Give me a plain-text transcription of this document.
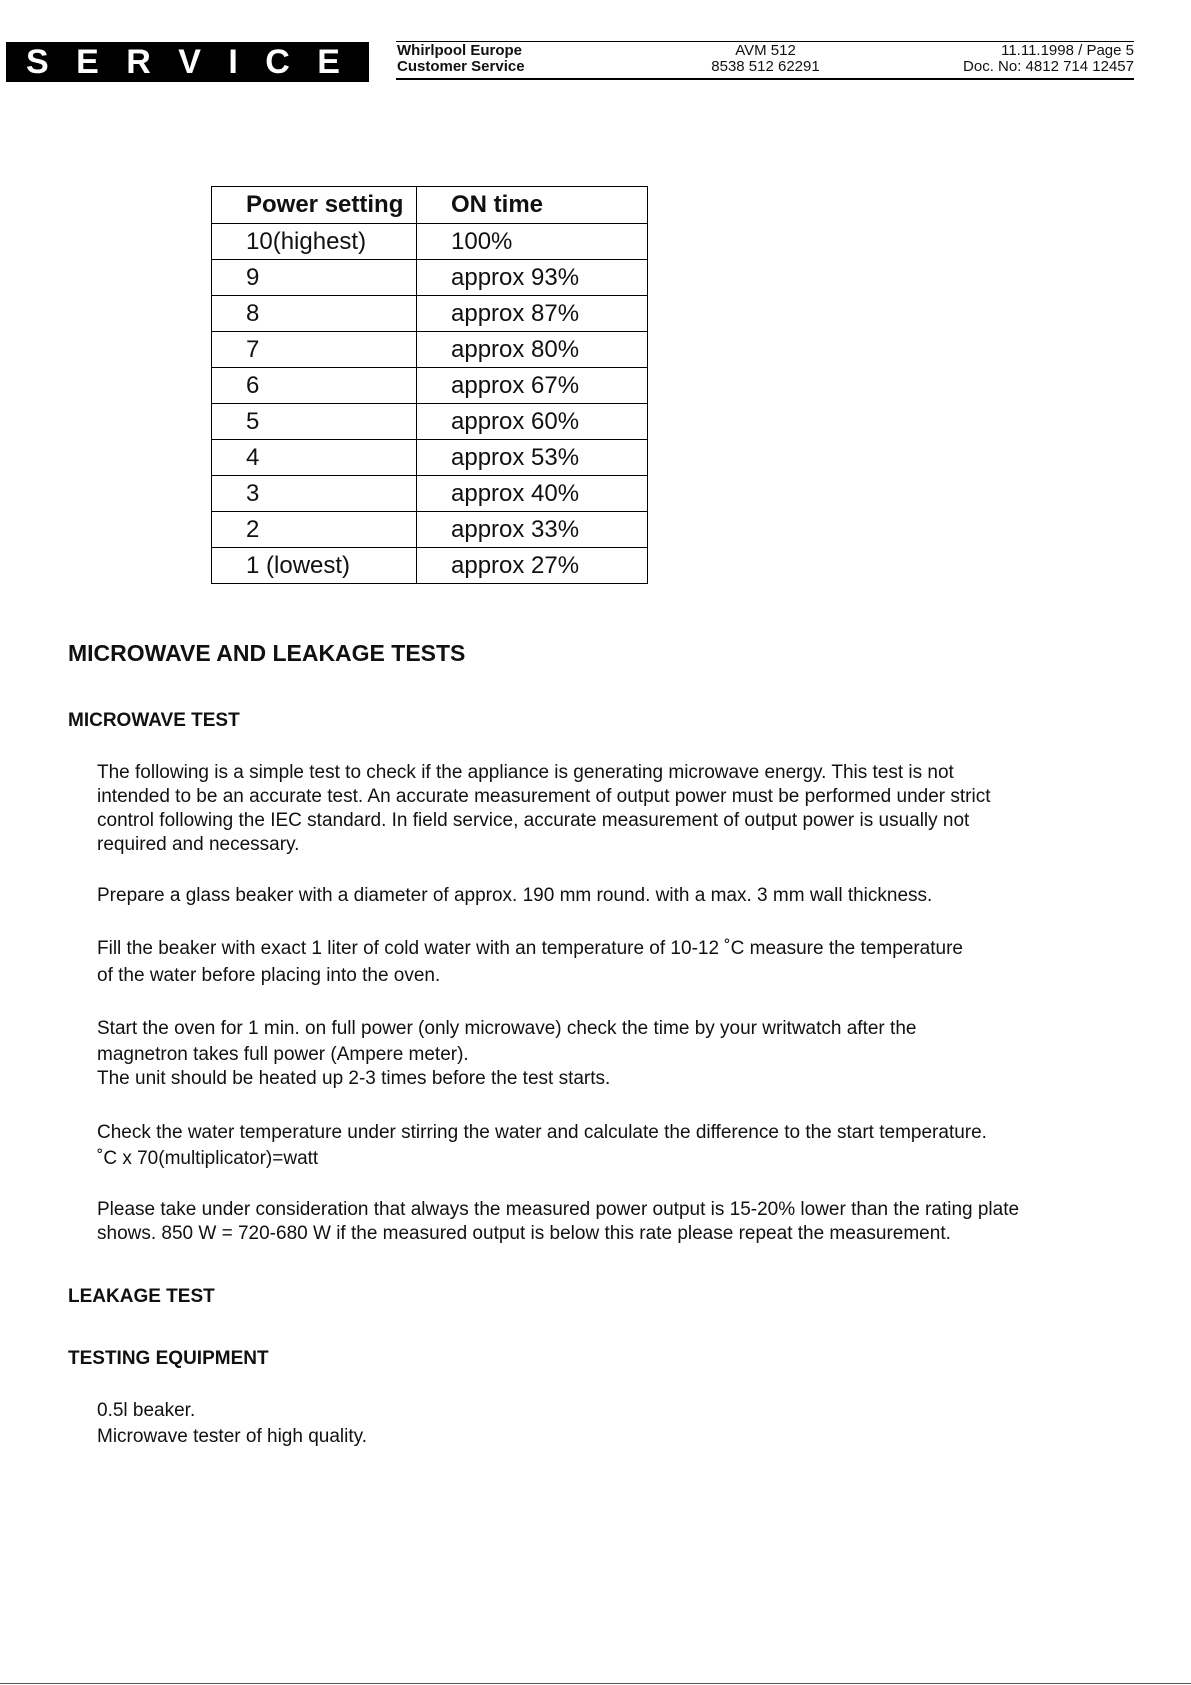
S E R V I C E	Whirlpool Europe
Customer Service
AVM 512
8538 512 62291
11.11.1998 / Page 5
Doc. No: 4812 714 12457
Power setting	ON time
10(highest)	100%
9	approx 93%
8	approx 87%
7	approx 80%
6	approx 67%
5	approx 60%
4	approx 53%
3	approx 40%
2	approx 33%
1 (lowest)	approx 27%
MICROWAVE AND LEAKAGE TESTS
MICROWAVE TEST

The following is a simple test to check if the appliance is generating microwave energy. This test is not
intended to be an accurate test. An accurate measurement of output power must be performed under strict
control following the IEC standard. In field service, accurate measurement of output power is usually not
required and necessary.

Prepare a glass beaker with a diameter of approx. 190 mm round. with a max. 3 mm wall thickness.

Fill the beaker with exact 1 liter of cold water with an temperature of 10-12 ˚C measure the temperature
of the water before placing into the oven.

Start the oven for 1 min. on full power (only microwave) check the time by your writwatch after the
magnetron takes full power (Ampere meter).
The unit should be heated up 2-3 times before the test starts.

Check the water temperature under stirring the water and calculate the difference to the start temperature.
˚C x 70(multiplicator)=watt

Please take under consideration that always the measured power output is 15-20% lower than the rating plate
shows. 850 W = 720-680 W if the measured output is below this rate please repeat the measurement.

LEAKAGE TEST
TESTING EQUIPMENT

0.5l beaker.
Microwave tester of high quality.
